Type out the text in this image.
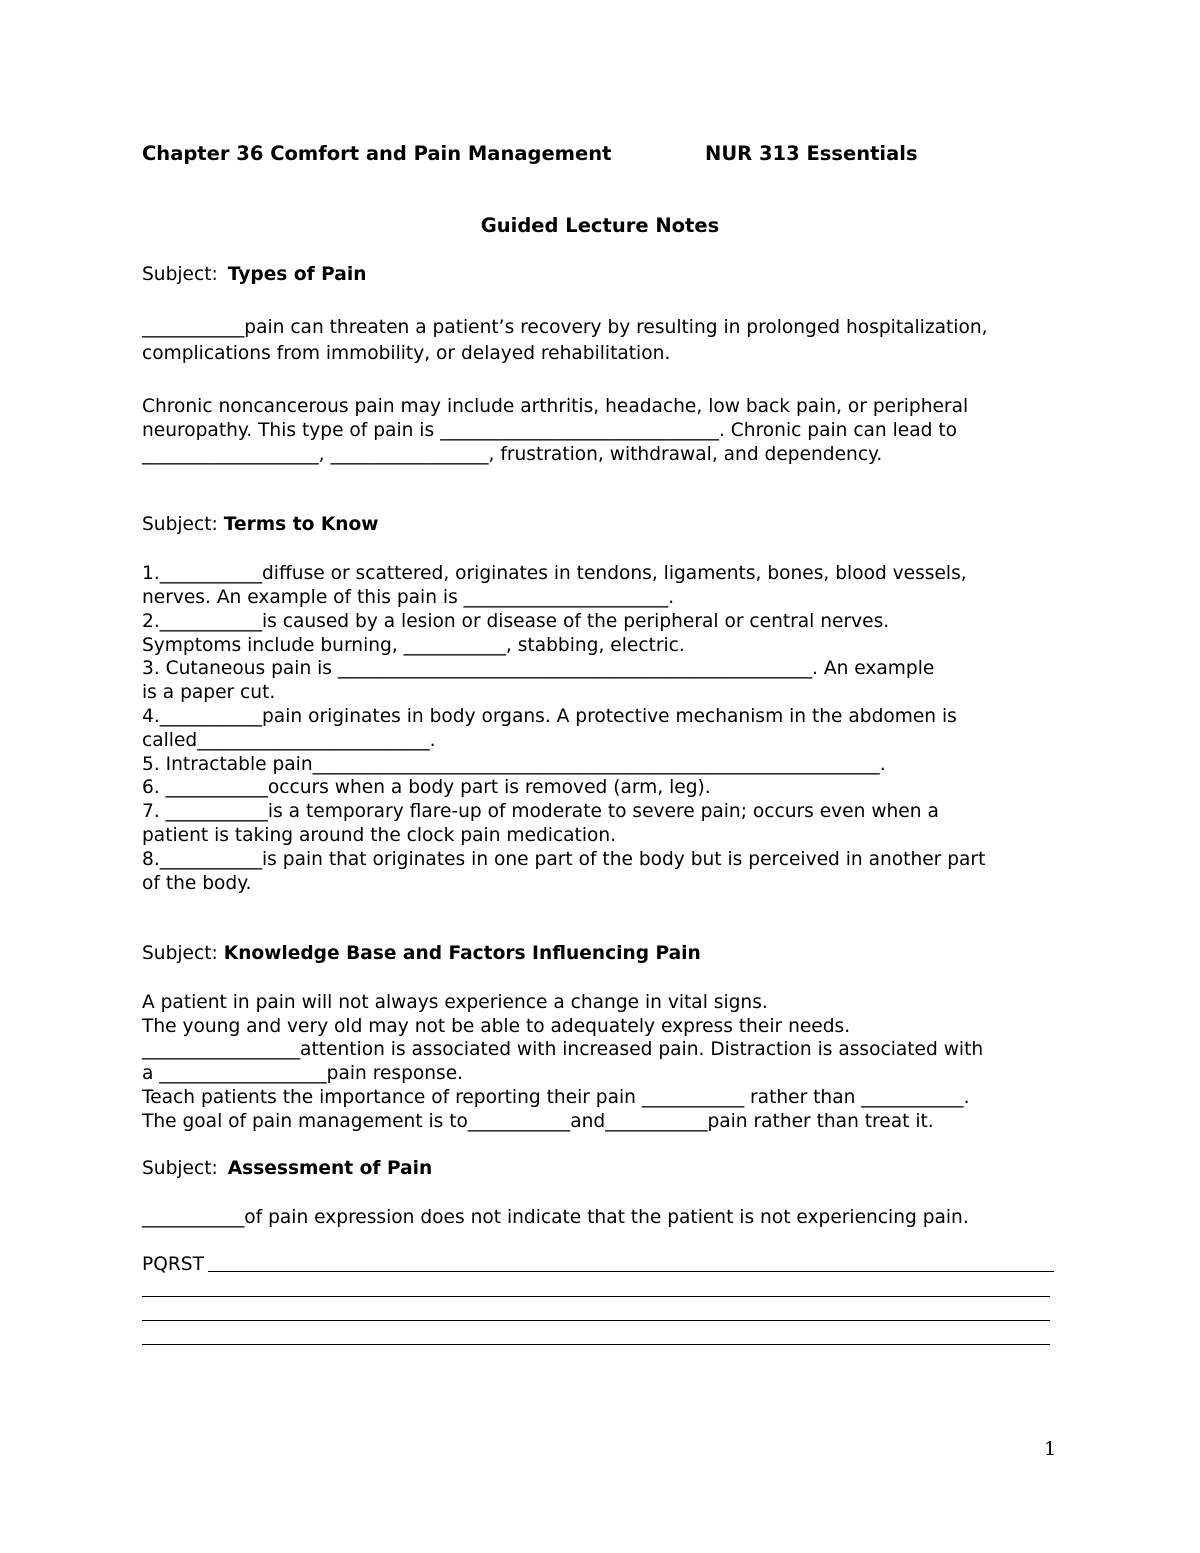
Chapter 36 Comfort and Pain Management	NUR 313 Essentials
Guided Lecture Notes
Subject: Types of Pain
___________pain can threaten a patient’s recovery by resulting in prolonged hospitalization,
complications from immobility, or delayed rehabilitation.
Chronic noncancerous pain may include arthritis, headache, low back pain, or peripheral
neuropathy. This type of pain is ______________________________. Chronic pain can lead to
___________________, _________________, frustration, withdrawal, and dependency.
Subject: Terms to Know
1.___________diffuse or scattered, originates in tendons, ligaments, bones, blood vessels,
nerves. An example of this pain is ______________________.
2.___________is caused by a lesion or disease of the peripheral or central nerves.
Symptoms include burning, ___________, stabbing, electric.
3. Cutaneous pain is ___________________________________________________. An example
is a paper cut.
4.___________pain originates in body organs. A protective mechanism in the abdomen is
called_________________________.
5. Intractable pain_____________________________________________________________.
6. ___________occurs when a body part is removed (arm, leg).
7. ___________is a temporary flare-up of moderate to severe pain; occurs even when a
patient is taking around the clock pain medication.
8.___________is pain that originates in one part of the body but is perceived in another part
of the body.
Subject: Knowledge Base and Factors Influencing Pain
A patient in pain will not always experience a change in vital signs.
The young and very old may not be able to adequately express their needs.
_________________attention is associated with increased pain. Distraction is associated with
a __________________pain response.
Teach patients the importance of reporting their pain ___________ rather than ___________.
The goal of pain management is to___________and___________pain rather than treat it.
Subject: Assessment of Pain
___________of pain expression does not indicate that the patient is not experiencing pain.
PQRST
1
